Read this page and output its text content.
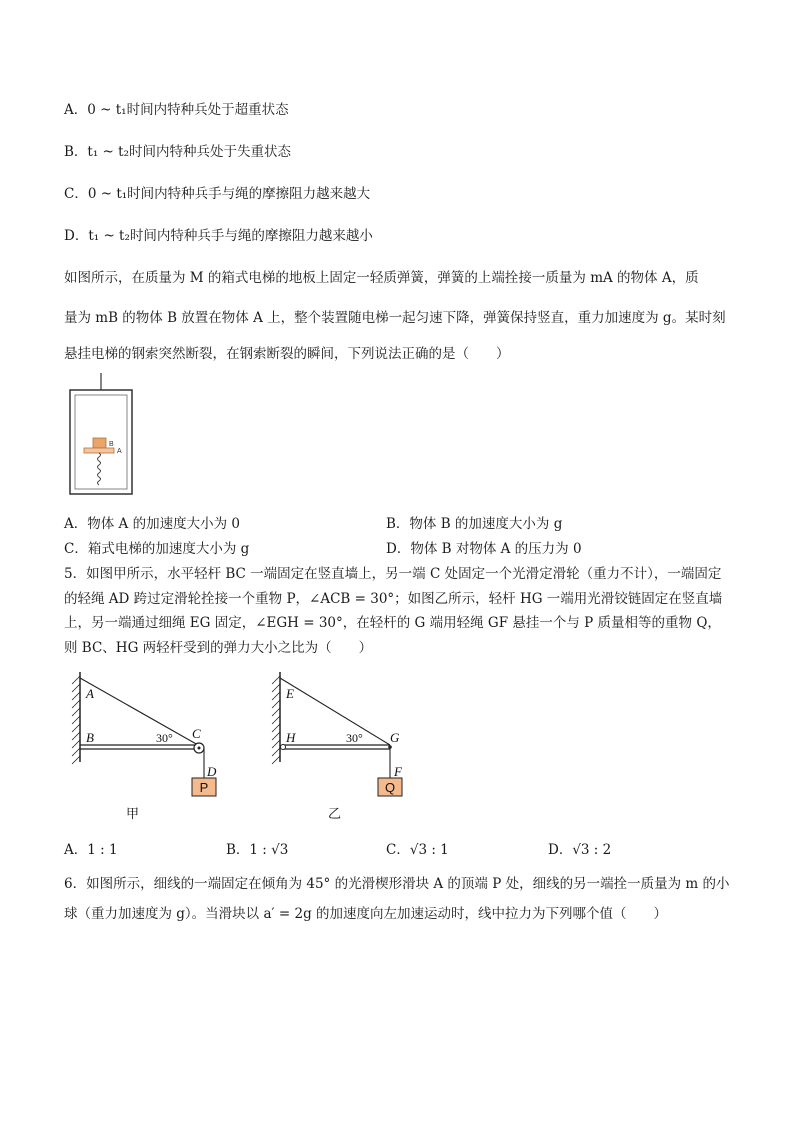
A．0 ~ t₁时间内特种兵处于超重状态
B．t₁ ~ t₂时间内特种兵处于失重状态
C．0 ~ t₁时间内特种兵手与绳的摩擦阻力越来越大
D．t₁ ~ t₂时间内特种兵手与绳的摩擦阻力越来越小
如图所示，在质量为 M 的箱式电梯的地板上固定一轻质弹簧，弹簧的上端拴接一质量为 mA 的物体 A，质
量为 mB 的物体 B 放置在物体 A 上，整个装置随电梯一起匀速下降，弹簧保持竖直，重力加速度为 g。某时刻
悬挂电梯的钢索突然断裂，在钢索断裂的瞬间，下列说法正确的是（　　）
B
A
A．物体 A 的加速度大小为 0	B．物体 B 的加速度大小为 g
C．箱式电梯的加速度大小为 g	D．物体 B 对物体 A 的压力为 0
5．如图甲所示，水平轻杆 BC 一端固定在竖直墙上，另一端 C 处固定一个光滑定滑轮（重力不计），一端固定
的轻绳 AD 跨过定滑轮拴接一个重物 P，∠ACB = 30°；如图乙所示，轻杆 HG 一端用光滑铰链固定在竖直墙
上，另一端通过细绳 EG 固定，∠EGH = 30°，在轻杆的 G 端用轻绳 GF 悬挂一个与 P 质量相等的重物 Q，
则 BC、HG 两轻杆受到的弹力大小之比为（　　）
P
A
B	C
D
30°
甲
Q
E
H	G
F
30°
乙
A．1 : 1	B．1 : √3	C．√3 : 1	D．√3 : 2
6．如图所示，细线的一端固定在倾角为 45° 的光滑楔形滑块 A 的顶端 P 处，细线的另一端拴一质量为 m 的小
球（重力加速度为 g）。当滑块以 a′ = 2g 的加速度向左加速运动时，线中拉力为下列哪个值（　　）
